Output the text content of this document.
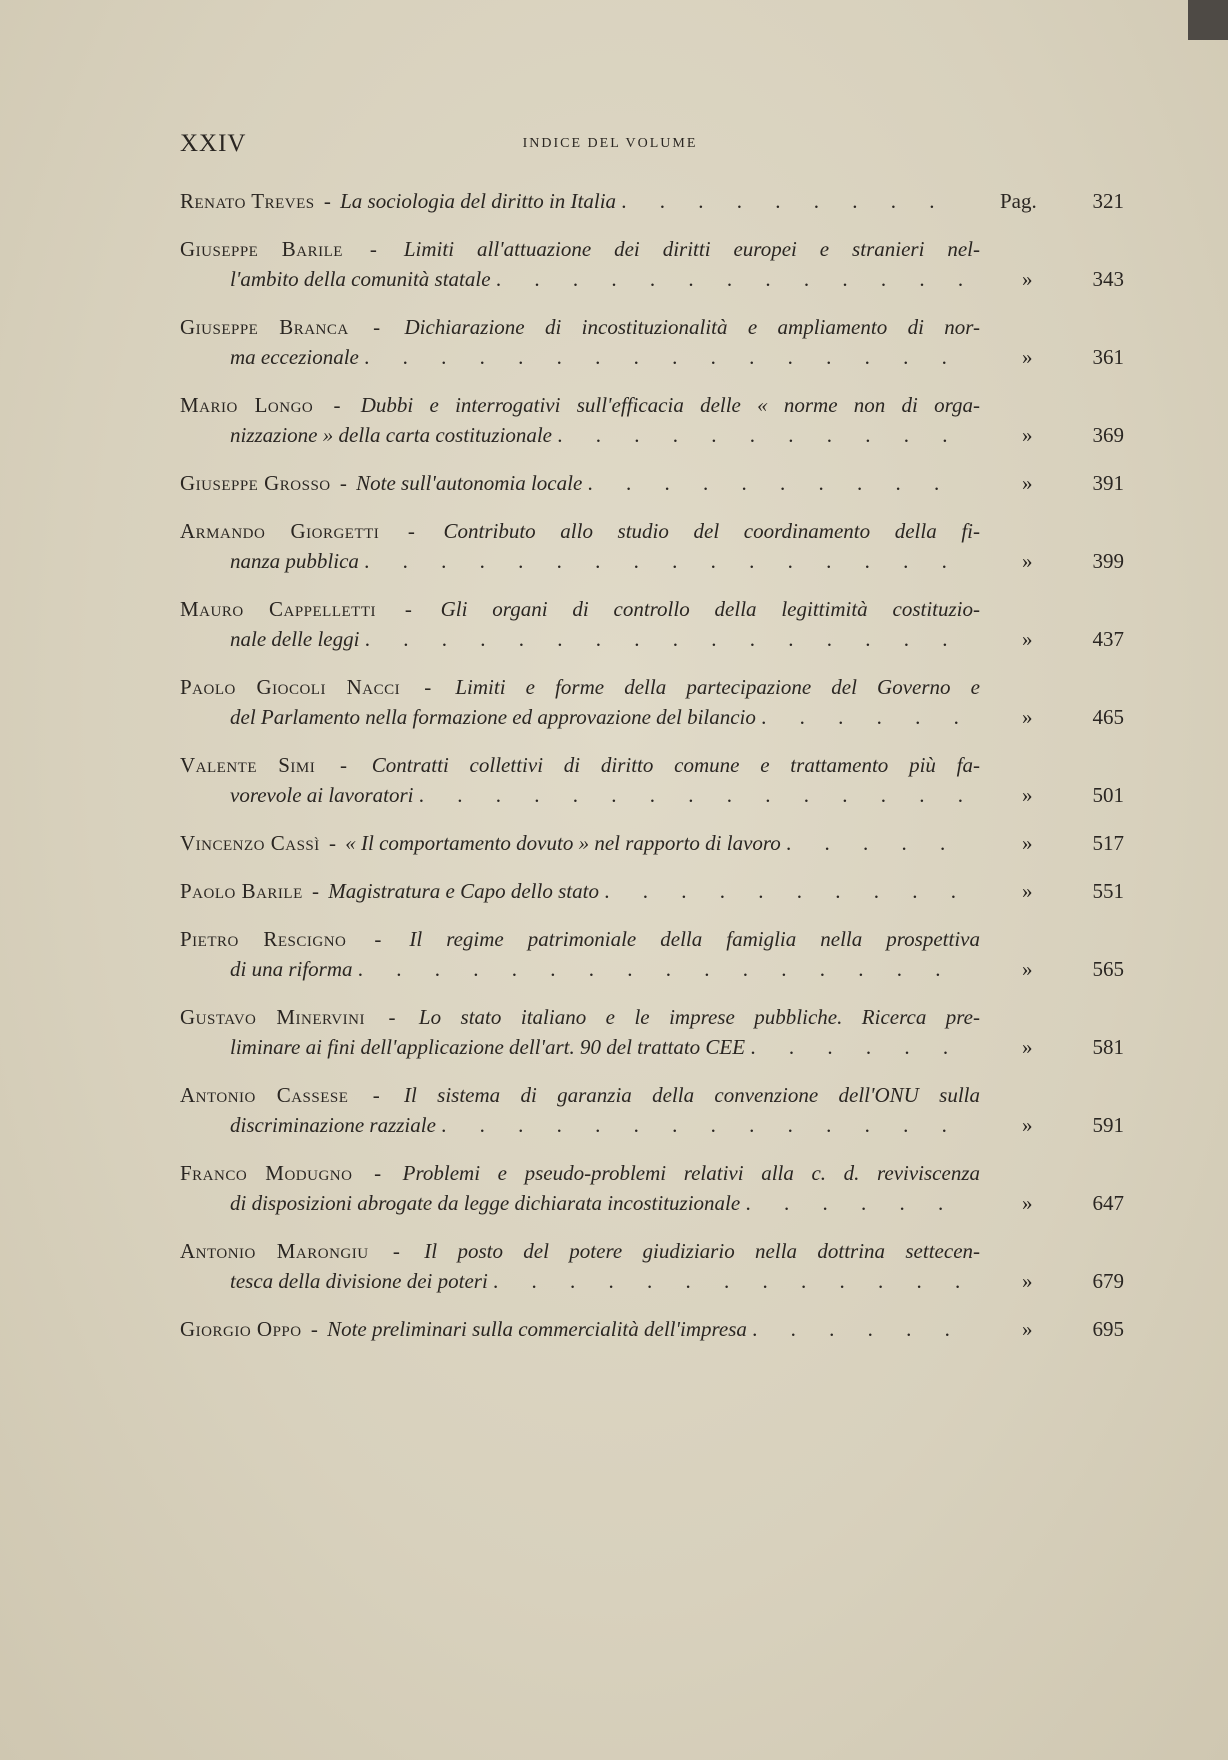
XXIV	INDICE DEL VOLUME
Renato Treves - La sociologia del diritto in Italia . . . . . . . . .	Pag.	321
Giuseppe Barile - Limiti all'attuazione dei diritti europei e stranieri nel-
l'ambito della comunità statale . . . . . . . . . . . . . »	343
Giuseppe Branca - Dichiarazione di incostituzionalità e ampliamento di nor-
ma eccezionale . . . . . . . . . . . . . . . .	»	361
Mario Longo - Dubbi e interrogativi sull'efficacia delle « norme non di orga-
nizzazione » della carta costituzionale . . . . . . . . . . .	»	369
Giuseppe Grosso - Note sull'autonomia locale . . . . . . . . . .	»	391
Armando Giorgetti - Contributo allo studio del coordinamento della fi-
nanza pubblica . . . . . . . . . . . . . . . .	»	399
Mauro Cappelletti - Gli organi di controllo della legittimità costituzio-
nale delle leggi . . . . . . . . . . . . . . . .	»	437
Paolo Giocoli Nacci - Limiti e forme della partecipazione del Governo e
del Parlamento nella formazione ed approvazione del bilancio . . . . . .	»	465
Valente Simi - Contratti collettivi di diritto comune e trattamento più fa-
vorevole ai lavoratori . . . . . . . . . . . . . . . »	501
Vincenzo Cassì - « Il comportamento dovuto » nel rapporto di lavoro . . . . .	»	517
Paolo Barile - Magistratura e Capo dello stato . . . . . . . . . .	»	551
Pietro Rescigno - Il regime patrimoniale della famiglia nella prospettiva
di una riforma . . . . . . . . . . . . . . . .	»	565
Gustavo Minervini - Lo stato italiano e le imprese pubbliche. Ricerca pre-
liminare ai fini dell'applicazione dell'art. 90 del trattato CEE . . . . . .	»	581
Antonio Cassese - Il sistema di garanzia della convenzione dell'ONU sulla
discriminazione razziale . . . . . . . . . . . . . .	»	591
Franco Modugno - Problemi e pseudo-problemi relativi alla c. d. reviviscenza
di disposizioni abrogate da legge dichiarata incostituzionale . . . . . .	»	647
Antonio Marongiu - Il posto del potere giudiziario nella dottrina settecen-
tesca della divisione dei poteri . . . . . . . . . . . . . »	679
Giorgio Oppo - Note preliminari sulla commercialità dell'impresa . . . . . .	»	695
